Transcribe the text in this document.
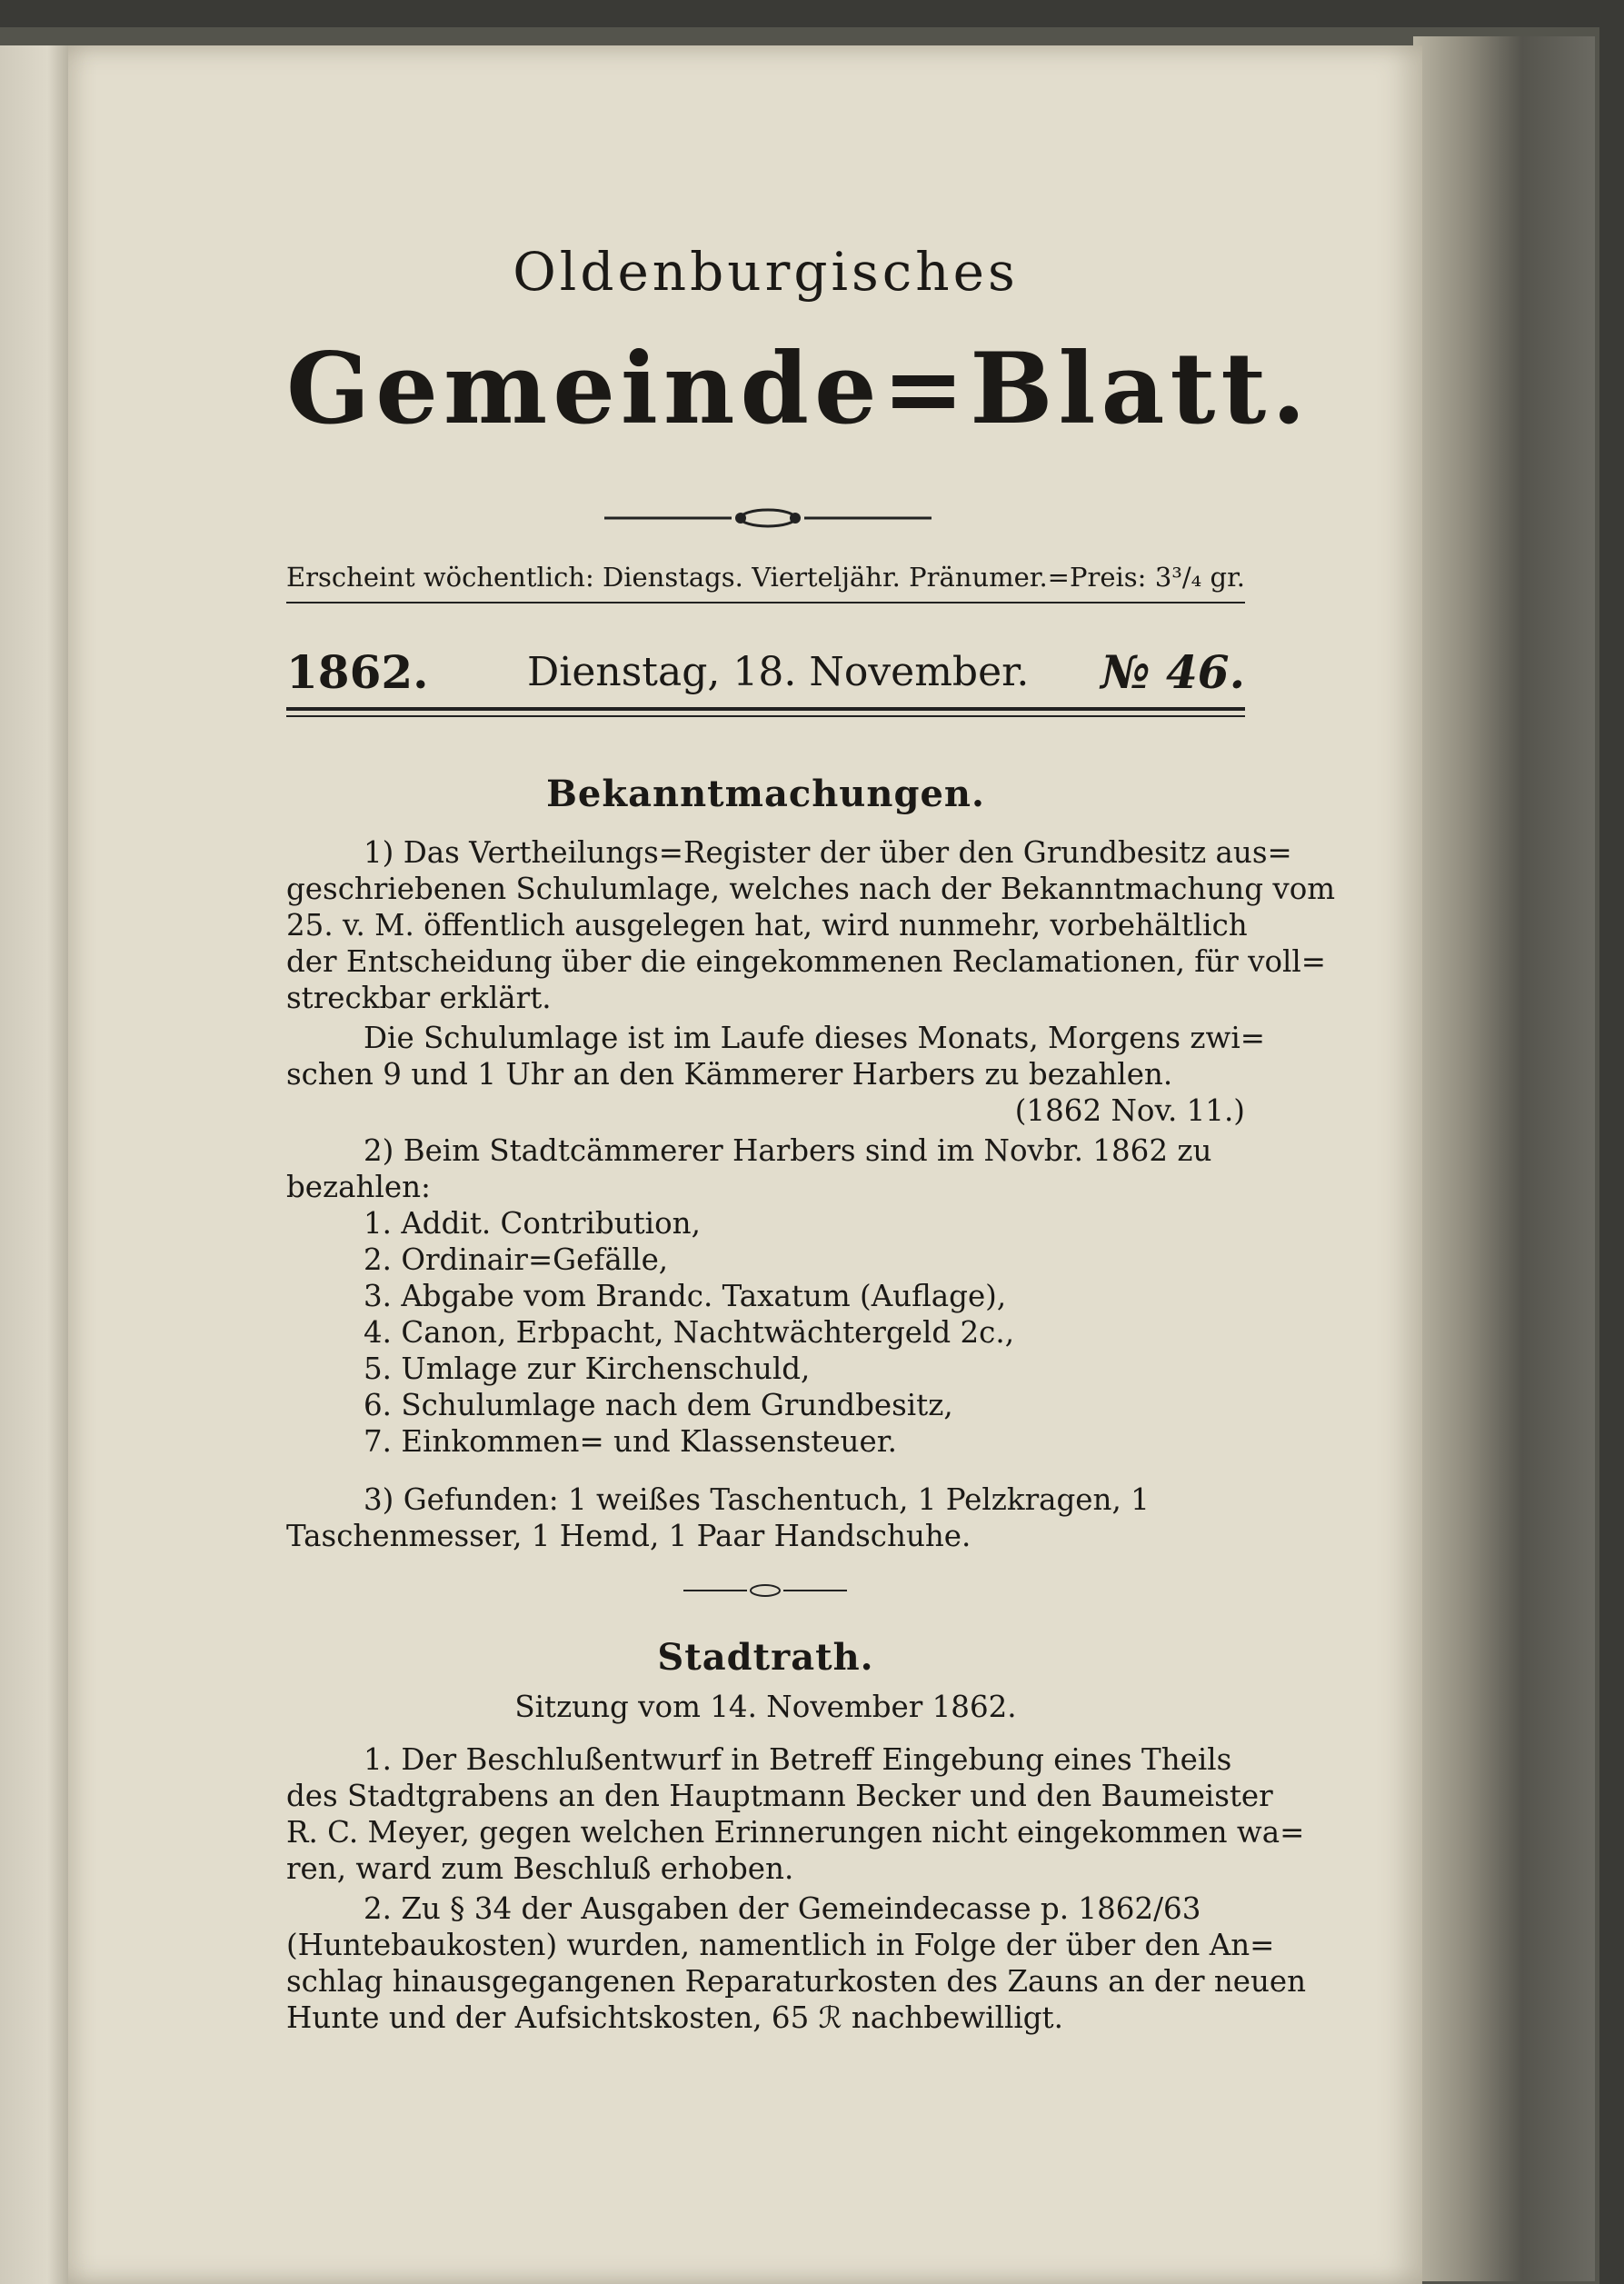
Oldenburgisches
Gemeinde=Blatt.
Erscheint wöchentlich: Dienstags. Vierteljähr. Pränumer.=Preis: 3³/₄ gr.
1862. Dienstag, 18. November. № 46.
Bekanntmachungen.
1) Das Vertheilungs=Register der über den Grundbesitz aus=
geschriebenen Schulumlage, welches nach der Bekanntmachung vom
25. v. M. öffentlich ausgelegen hat, wird nunmehr, vorbehältlich
der Entscheidung über die eingekommenen Reclamationen, für voll=
streckbar erklärt.
Die Schulumlage ist im Laufe dieses Monats, Morgens zwi=
schen 9 und 1 Uhr an den Kämmerer Harbers zu bezahlen.
(1862 Nov. 11.)
2) Beim Stadtcämmerer Harbers sind im Novbr. 1862 zu
bezahlen:
1. Addit. Contribution,
2. Ordinair=Gefälle,
3. Abgabe vom Brandc. Taxatum (Auflage),
4. Canon, Erbpacht, Nachtwächtergeld 2c.,
5. Umlage zur Kirchenschuld,
6. Schulumlage nach dem Grundbesitz,
7. Einkommen= und Klassensteuer.
3) Gefunden: 1 weißes Taschentuch, 1 Pelzkragen, 1
Taschenmesser, 1 Hemd, 1 Paar Handschuhe.
Stadtrath.
Sitzung vom 14. November 1862.
1. Der Beschlußentwurf in Betreff Eingebung eines Theils
des Stadtgrabens an den Hauptmann Becker und den Baumeister
R. C. Meyer, gegen welchen Erinnerungen nicht eingekommen wa=
ren, ward zum Beschluß erhoben.
2. Zu § 34 der Ausgaben der Gemeindecasse p. 1862/63
(Huntebaukosten) wurden, namentlich in Folge der über den An=
schlag hinausgegangenen Reparaturkosten des Zauns an der neuen
Hunte und der Aufsichtskosten, 65 ℛ nachbewilligt.
